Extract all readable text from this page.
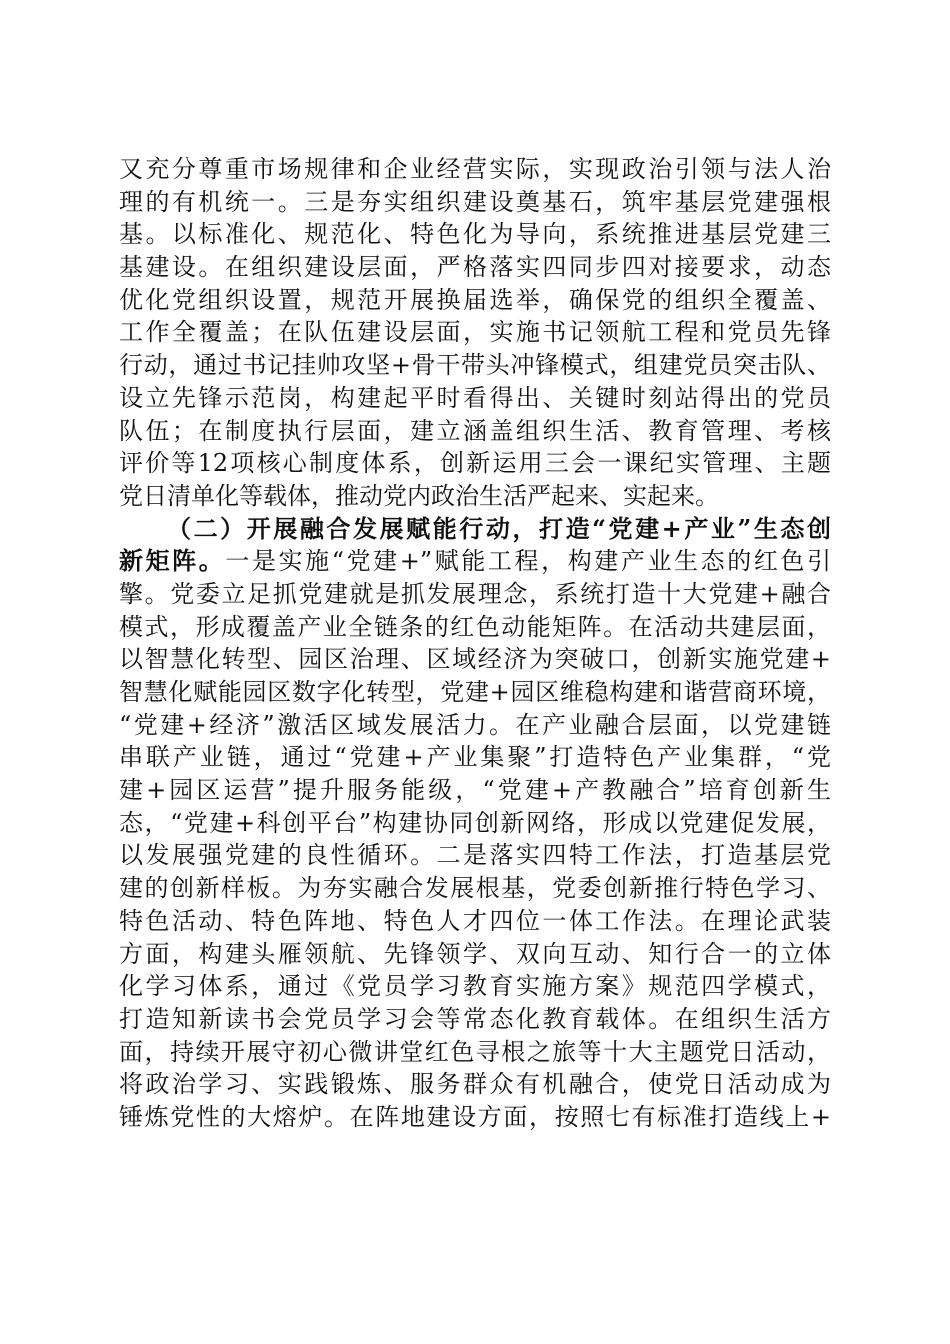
又充分尊重市场规律和企业经营实际，实现政治引领与法人治
理的有机统一。三是夯实组织建设奠基石，筑牢基层党建强根
基。以标准化、规范化、特色化为导向，系统推进基层党建三
基建设。在组织建设层面，严格落实四同步四对接要求，动态
优化党组织设置，规范开展换届选举，确保党的组织全覆盖、
工作全覆盖；在队伍建设层面，实施书记领航工程和党员先锋
行动，通过书记挂帅攻坚+骨干带头冲锋模式，组建党员突击队、
设立先锋示范岗，构建起平时看得出、关键时刻站得出的党员
队伍；在制度执行层面，建立涵盖组织生活、教育管理、考核
评价等12项核心制度体系，创新运用三会一课纪实管理、主题
党日清单化等载体，推动党内政治生活严起来、实起来。
（二）开展融合发展赋能行动，打造“党建+产业”生态创
新矩阵。一是实施“党建+”赋能工程，构建产业生态的红色引
擎。党委立足抓党建就是抓发展理念，系统打造十大党建+融合
模式，形成覆盖产业全链条的红色动能矩阵。在活动共建层面，
以智慧化转型、园区治理、区域经济为突破口，创新实施党建+
智慧化赋能园区数字化转型，党建+园区维稳构建和谐营商环境，
“党建+经济”激活区域发展活力。在产业融合层面，以党建链
串联产业链，通过“党建+产业集聚”打造特色产业集群，“党
建+园区运营”提升服务能级，“党建+产教融合”培育创新生
态，“党建+科创平台”构建协同创新网络，形成以党建促发展，
以发展强党建的良性循环。二是落实四特工作法，打造基层党
建的创新样板。为夯实融合发展根基，党委创新推行特色学习、
特色活动、特色阵地、特色人才四位一体工作法。在理论武装
方面，构建头雁领航、先锋领学、双向互动、知行合一的立体
化学习体系，通过《党员学习教育实施方案》规范四学模式，
打造知新读书会党员学习会等常态化教育载体。在组织生活方
面，持续开展守初心微讲堂红色寻根之旅等十大主题党日活动，
将政治学习、实践锻炼、服务群众有机融合，使党日活动成为
锤炼党性的大熔炉。在阵地建设方面，按照七有标准打造线上+
